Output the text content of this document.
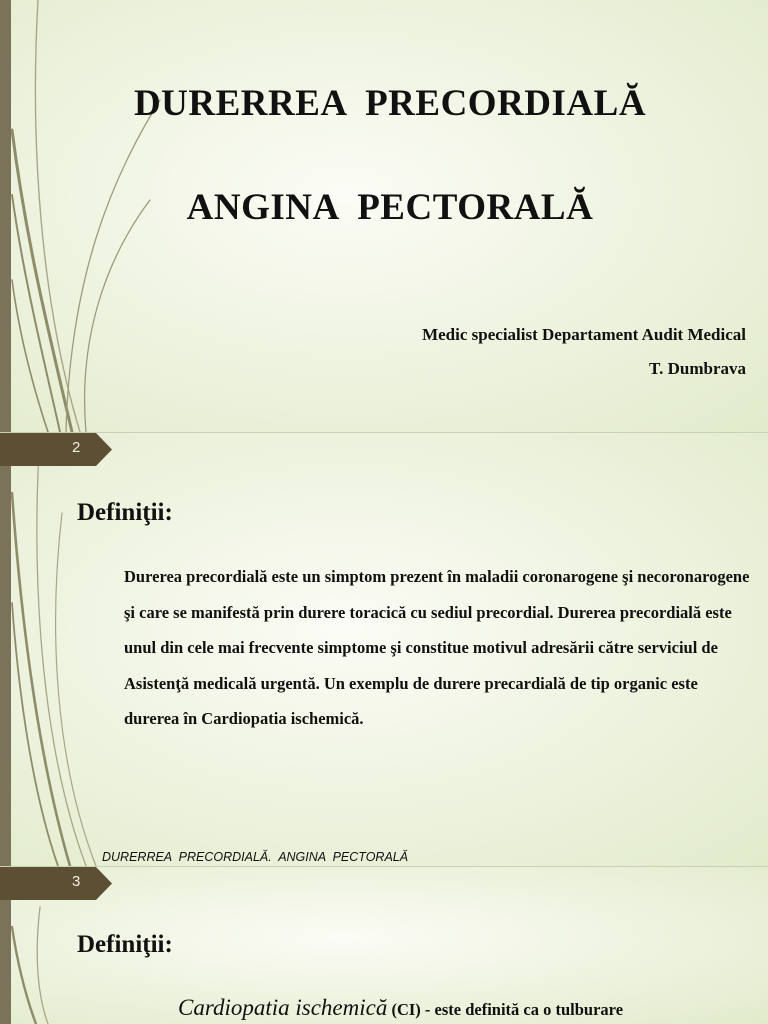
DURERREA  PRECORDIALĂ
ANGINA  PECTORALĂ

Medic specialist Departament Audit Medical

T. Dumbrava

2
Definiţii:

Durerea precordială este un simptom prezent în maladii coronarogene şi necoronarogene şi care se manifestă prin durere toracică cu sediul precordial. Durerea precordială este unul din cele mai frecvente simptome şi constitue motivul adresării către serviciul de Asistenţă medicală urgentă. Un exemplu de durere precardială de tip organic este durerea în Cardiopatia ischemică.

DURERREA  PRECORDIALĂ.  ANGINA  PECTORALĂ
3
Definiţii:
Cardiopatia ischemică (CI) - este definită ca o tulburare
